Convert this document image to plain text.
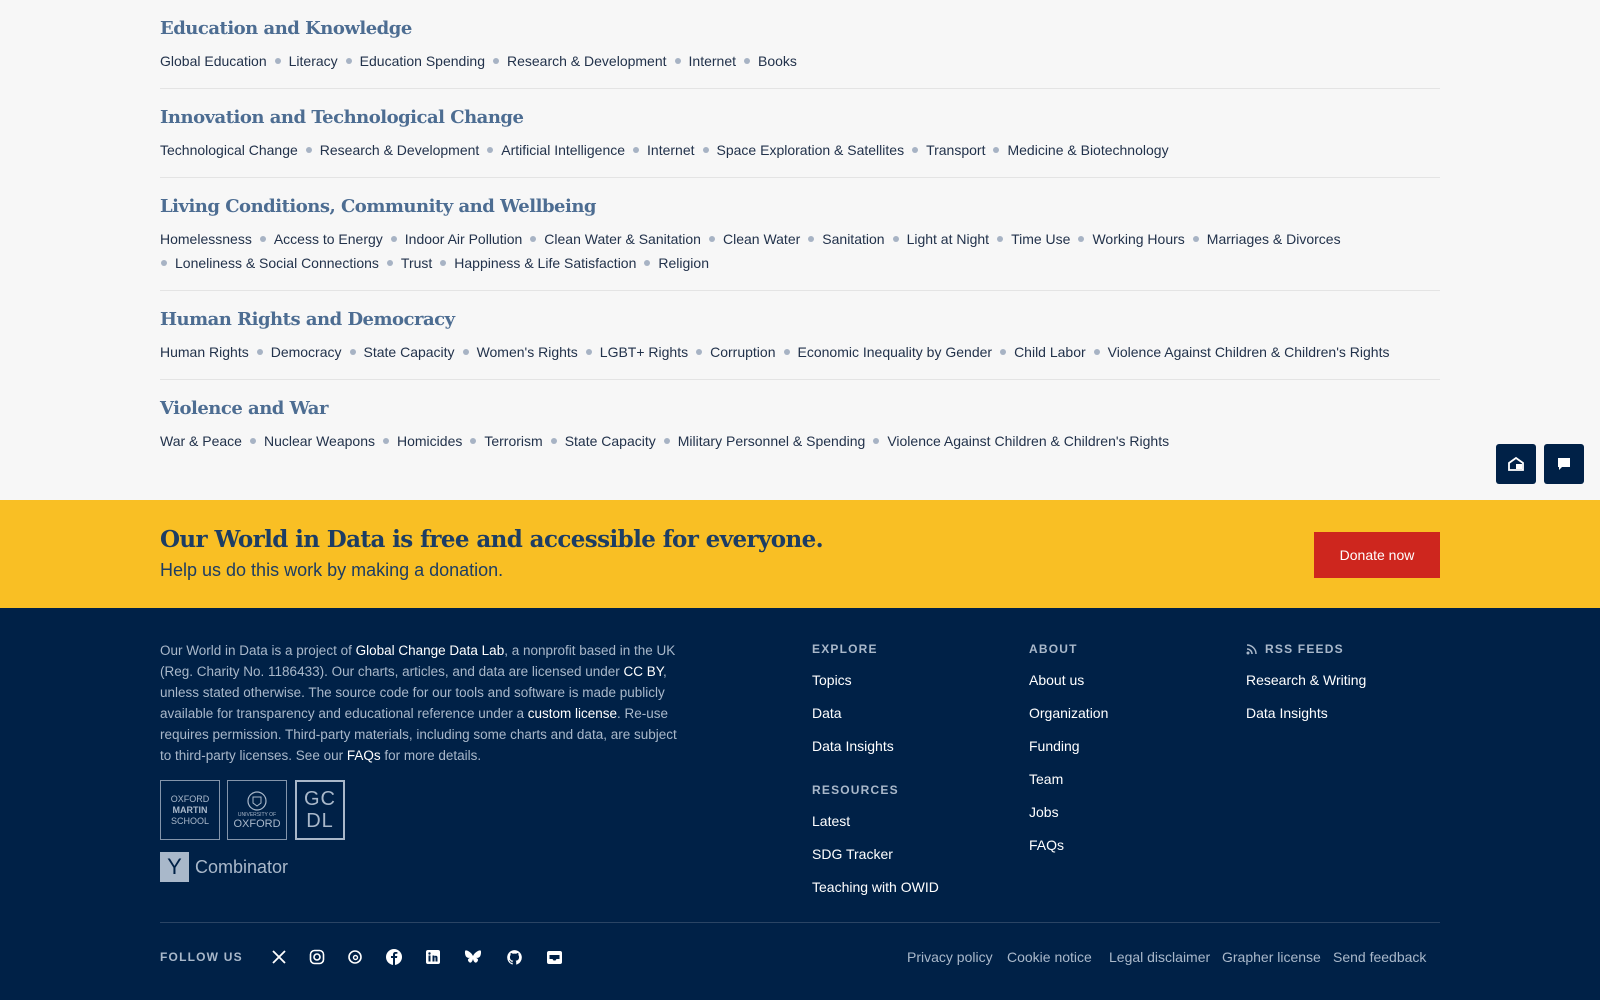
Education and Knowledge
Global Education Literacy Education Spending Research & Development Internet Books
Innovation and Technological Change
Technological Change Research & Development Artificial Intelligence Internet Space Exploration & Satellites Transport Medicine & Biotechnology
Living Conditions, Community and Wellbeing
Homelessness Access to Energy Indoor Air Pollution Clean Water & Sanitation Clean Water Sanitation Light at Night Time Use Working Hours Marriages & Divorces
Loneliness & Social Connections Trust Happiness & Life Satisfaction Religion
Human Rights and Democracy
Human Rights Democracy State Capacity Women's Rights LGBT+ Rights Corruption Economic Inequality by Gender Child Labor Violence Against Children & Children's Rights
Violence and War
War & Peace Nuclear Weapons Homicides Terrorism State Capacity Military Personnel & Spending Violence Against Children & Children's Rights
Our World in Data is free and accessible for everyone.

Help us do this work by making a donation.

Donate now
Our World in Data is a project of Global Change Data Lab, a nonprofit based in the UK (Reg. Charity No. 1186433). Our charts, articles, and data are licensed under CC BY, unless stated otherwise. The source code for our tools and software is made publicly available for transparency and educational reference under a custom license. Re-use requires permission. Third-party materials, including some charts and data, are subject to third-party licenses. See our FAQs for more details.
EXPLORE
Topics
Data
Data Insights
RESOURCES
Latest
SDG Tracker
Teaching with OWID
ABOUT
About us
Organization
Funding
Team
Jobs
FAQs
RSS FEEDS
Research & Writing
Data Insights
OXFORD
MARTIN
SCHOOL
UNIVERSITY OF
OXFORD
GC
DL
Y Combinator
FOLLOW US	Privacy policy Cookie notice Legal disclaimer Grapher license Send feedback
